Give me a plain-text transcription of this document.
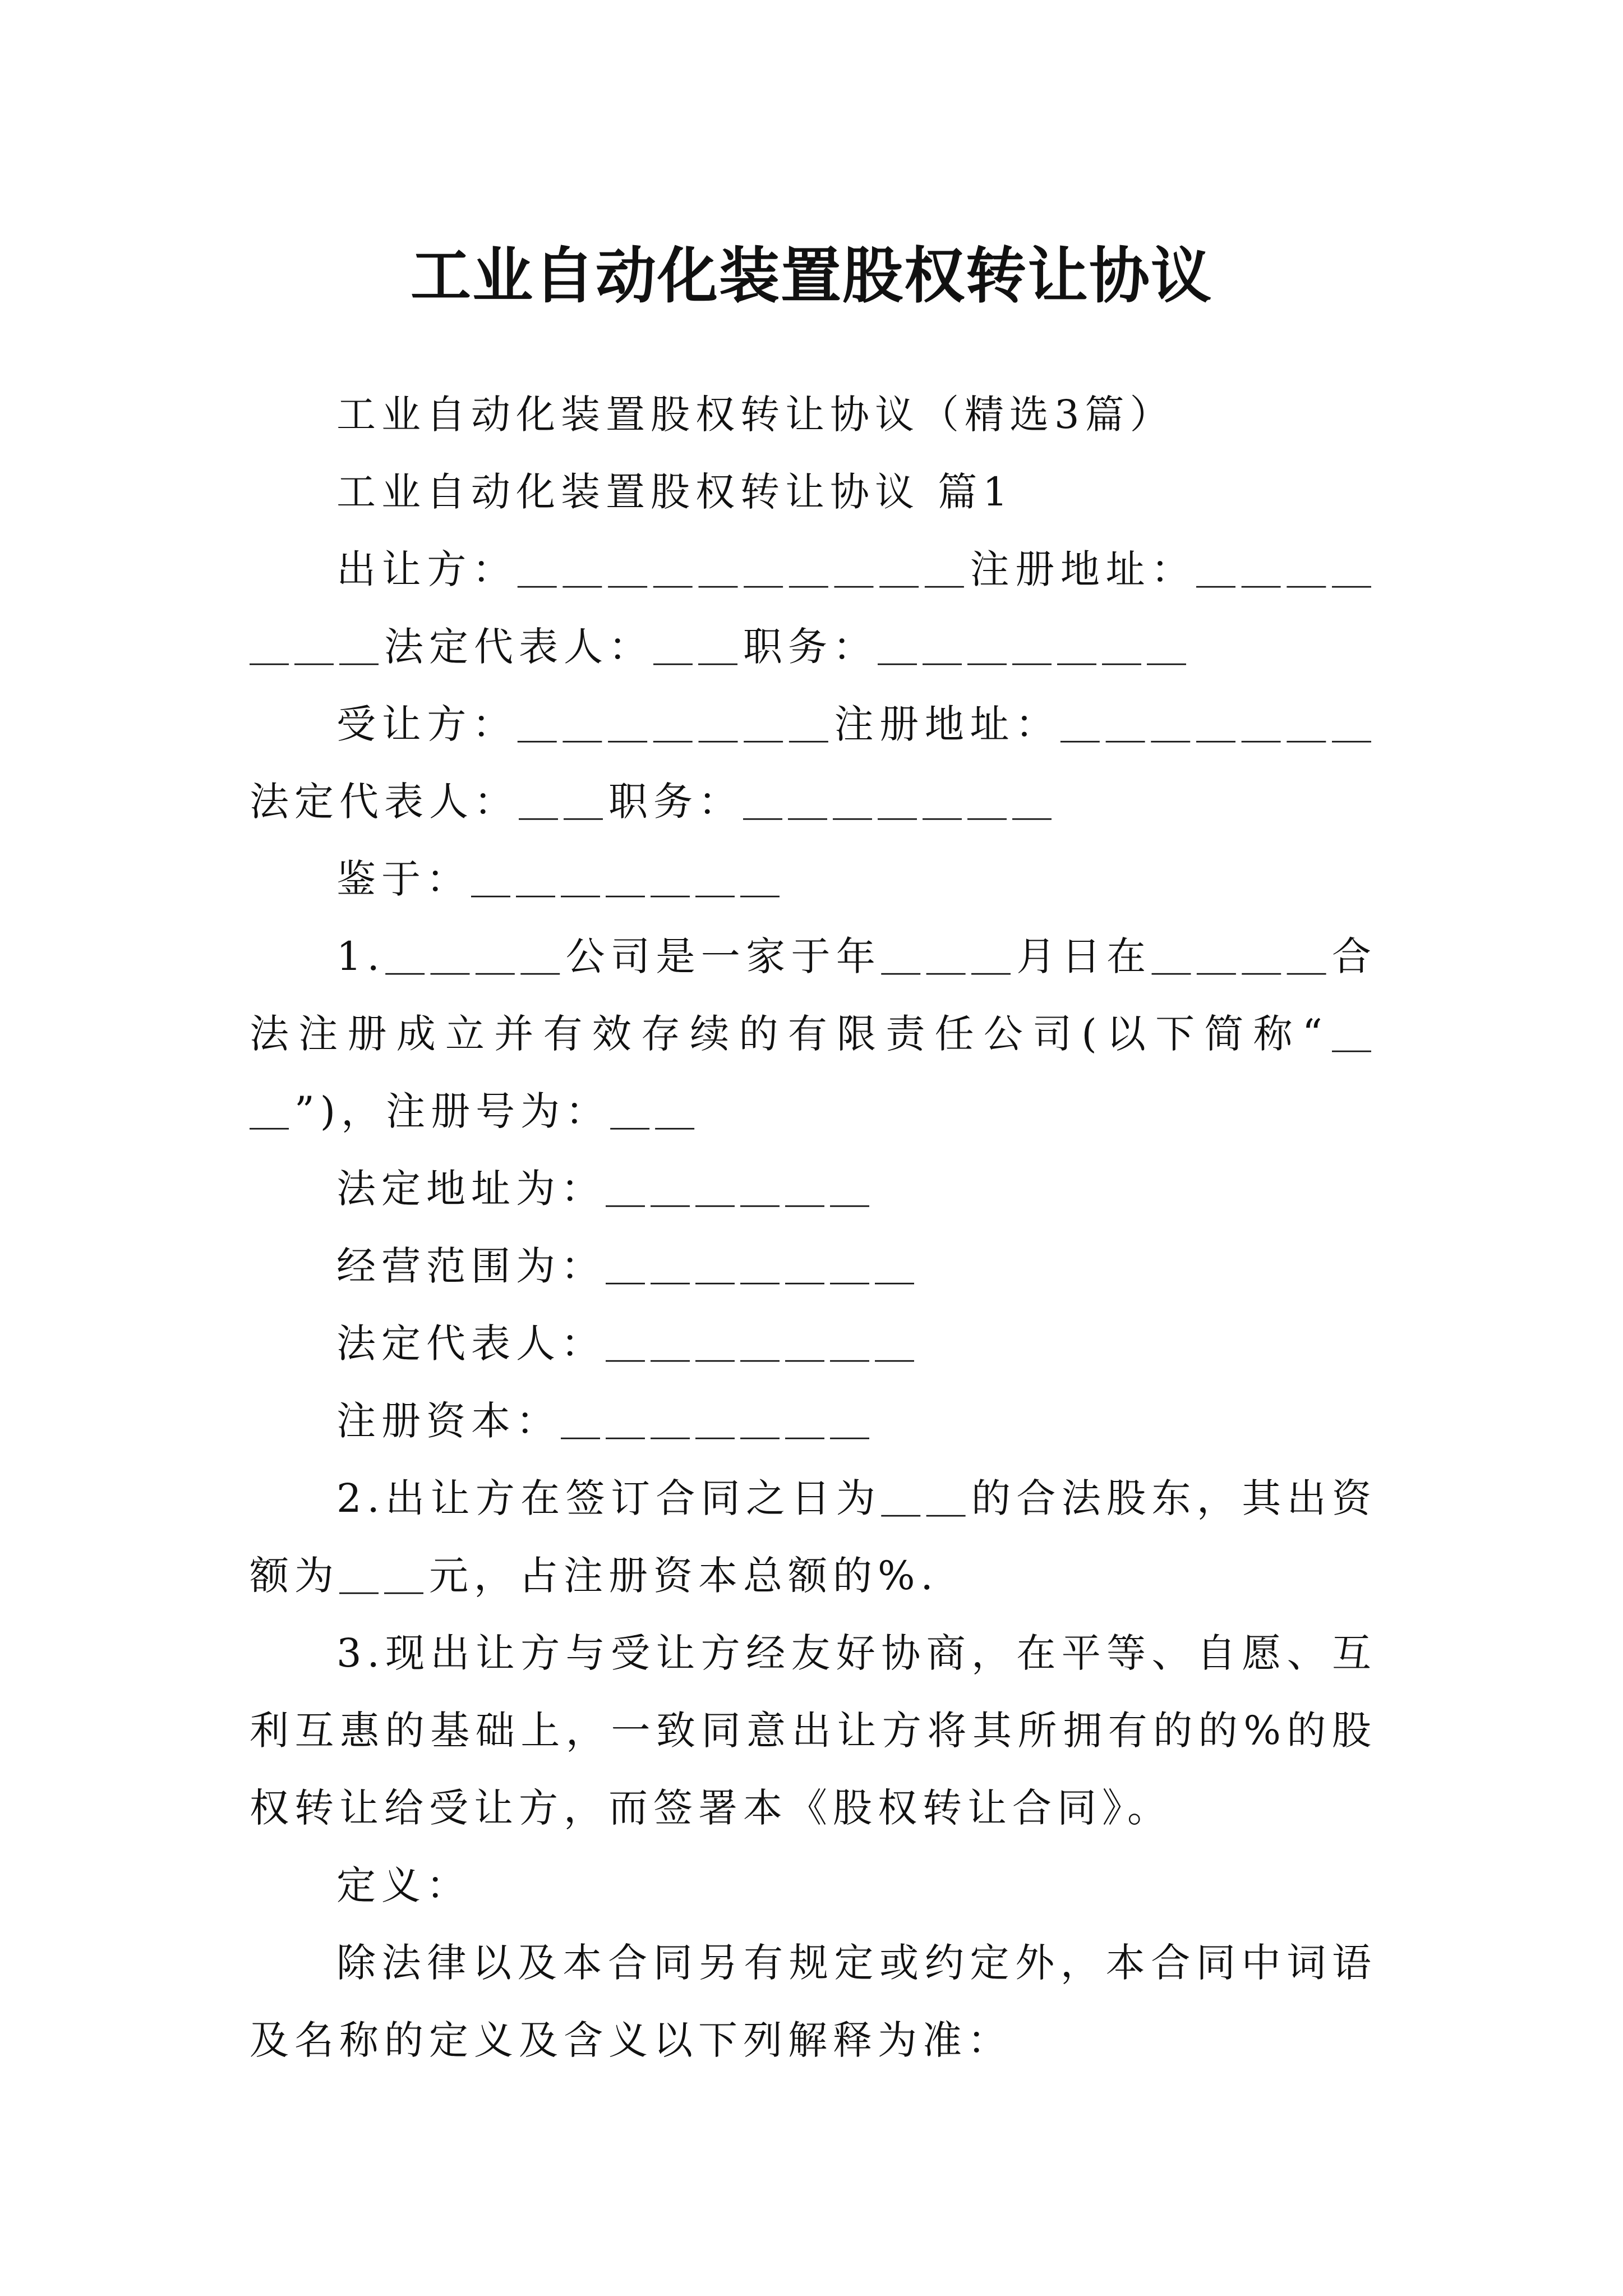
工业自动化装置股权转让协议

工业自动化装置股权转让协议（精选3篇）

工业自动化装置股权转让协议 篇1

出让方：＿＿＿＿＿＿＿＿＿＿注册地址：＿＿＿＿＿＿＿法定代表人：＿＿职务：＿＿＿＿＿＿＿

受让方：＿＿＿＿＿＿＿注册地址：＿＿＿＿＿＿＿法定代表人：＿＿职务：＿＿＿＿＿＿＿

鉴于：＿＿＿＿＿＿＿

1.＿＿＿＿公司是一家于年＿＿＿月日在＿＿＿＿合法注册成立并有效存续的有限责任公司(以下简称“＿＿”)，注册号为：＿＿

法定地址为：＿＿＿＿＿＿

经营范围为：＿＿＿＿＿＿＿

法定代表人：＿＿＿＿＿＿＿

注册资本：＿＿＿＿＿＿＿

2.出让方在签订合同之日为＿＿的合法股东，其出资额为＿＿元，占注册资本总额的%.

3.现出让方与受让方经友好协商，在平等、自愿、互利互惠的基础上，一致同意出让方将其所拥有的的%的股权转让给受让方，而签署本《股权转让合同》。

定义：

除法律以及本合同另有规定或约定外，本合同中词语及名称的定义及含义以下列解释为准：
